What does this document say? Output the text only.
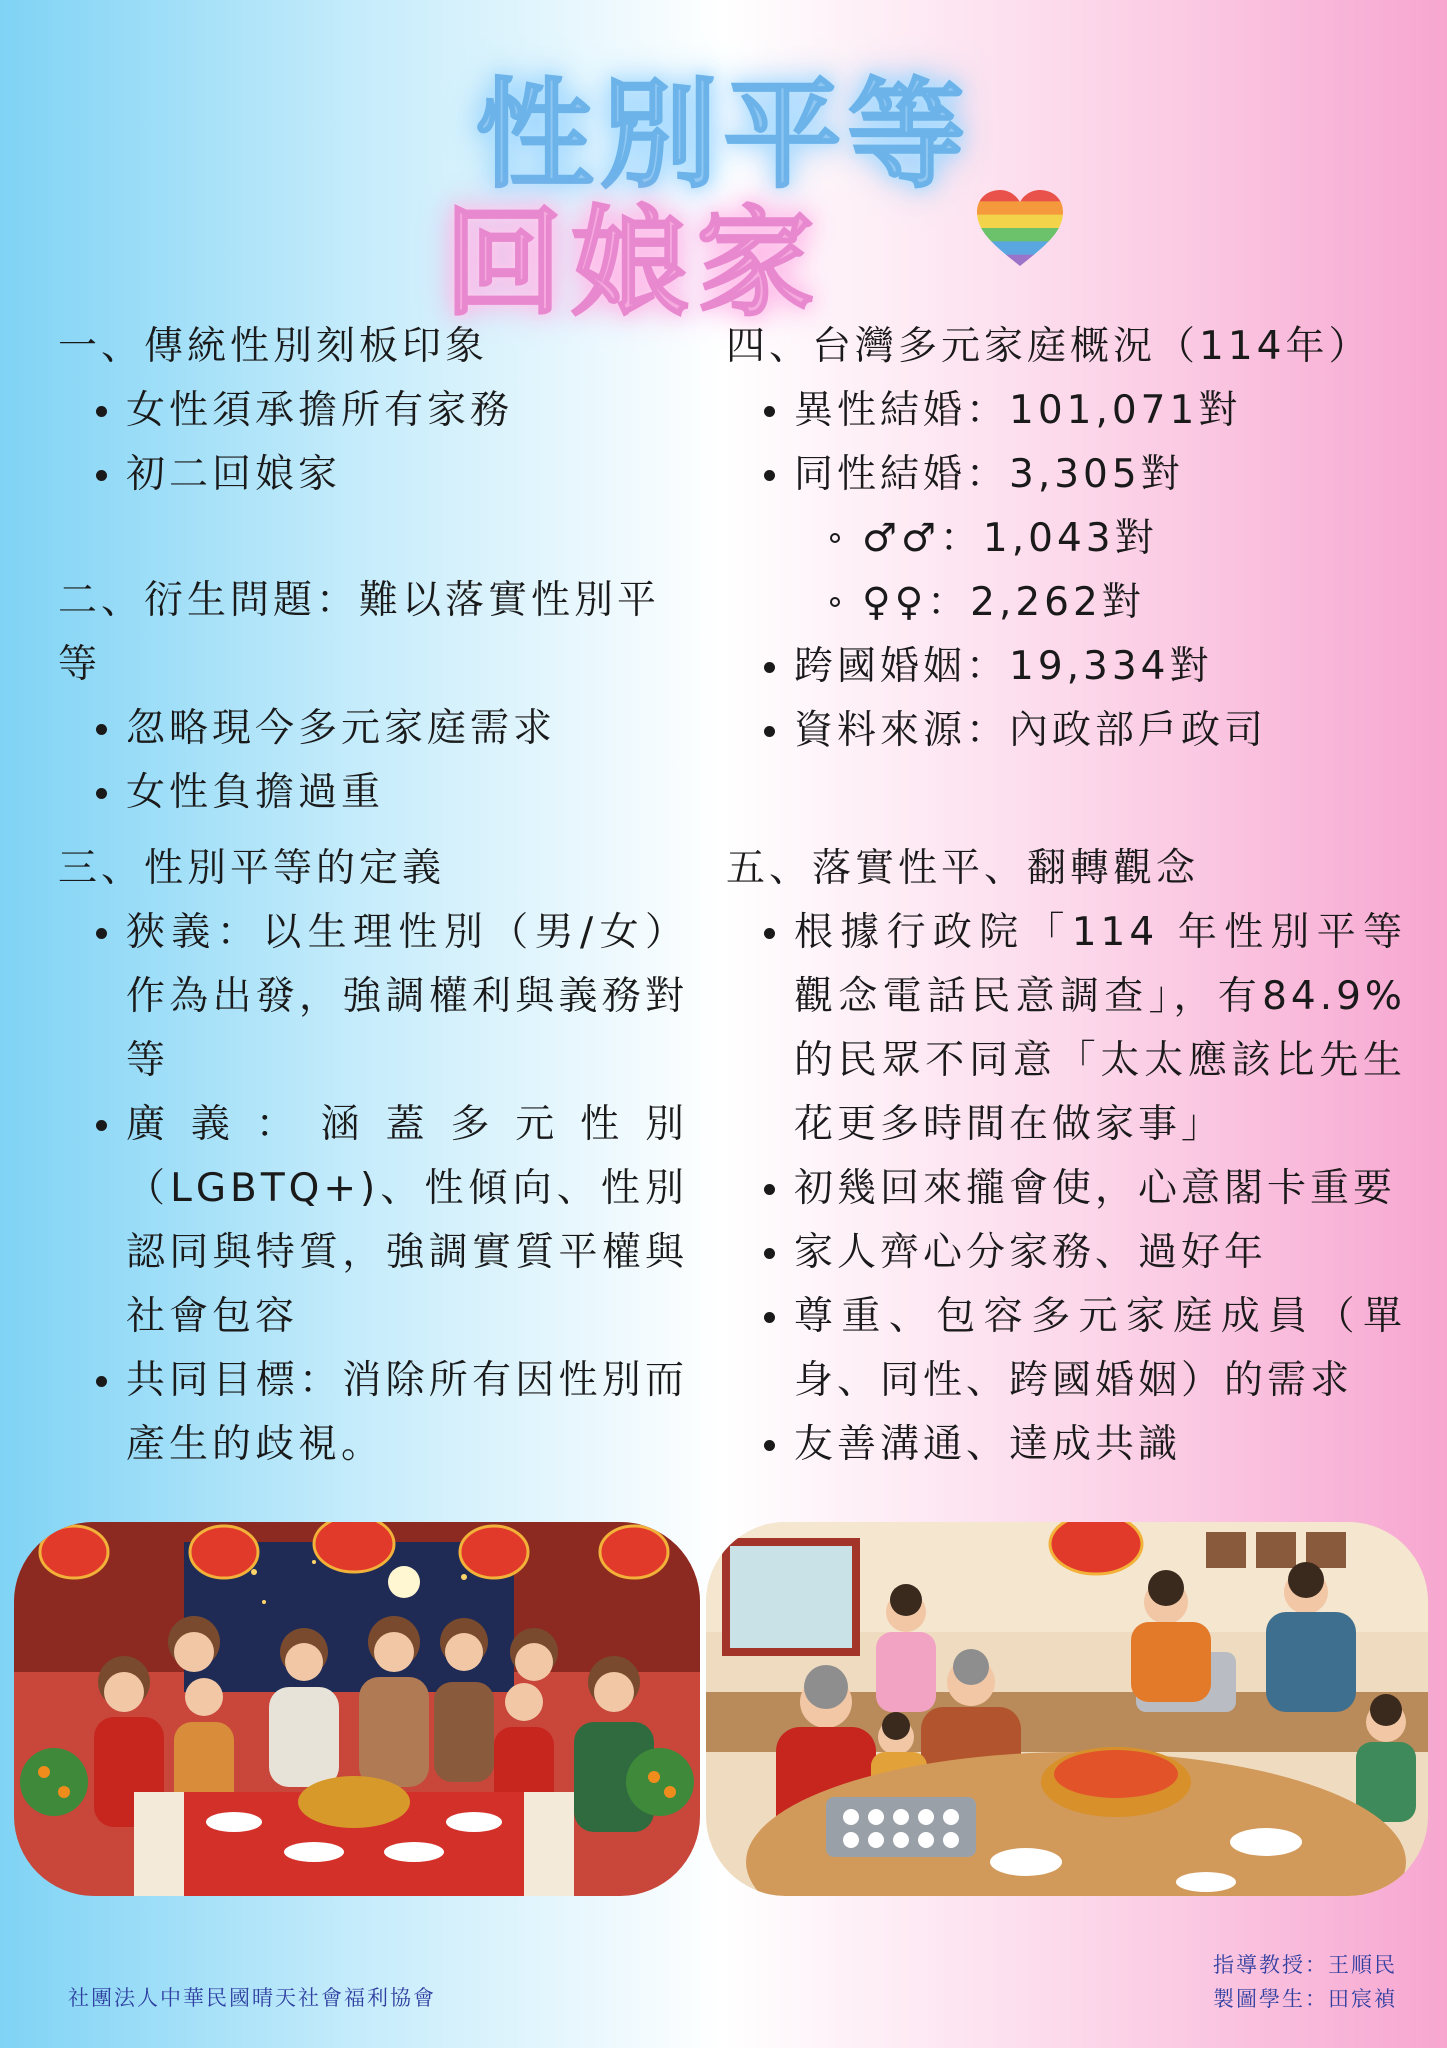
性別平等
回娘家
一、傳統性別刻板印象
女性須承擔所有家務
初二回娘家
二、衍生問題：難以落實性別平等
忽略現今多元家庭需求
女性負擔過重
三、性別平等的定義
狹義：以生理性別（男/女）作為出發，強調權利與義務對等
廣義：涵蓋多元性別（LGBTQ+)、性傾向、性別認同與特質，強調實質平權與社會包容
共同目標：消除所有因性別而產生的歧視。
四、台灣多元家庭概況（114年）
異性結婚：101,071對
同性結婚：3,305對
♂♂：1,043對
♀♀：2,262對
跨國婚姻：19,334對
資料來源：內政部戶政司
五、落實性平、翻轉觀念
根據行政院「114 年性別平等觀念電話民意調查」，有84.9%的民眾不同意「太太應該比先生花更多時間在做家事」
初幾回來攏會使，心意閣卡重要
家人齊心分家務、過好年
尊重、包容多元家庭成員（單身、同性、跨國婚姻）的需求
友善溝通、達成共識
社團法人中華民國晴天社會福利協會
指導教授：王順民
製圖學生：田宸禎
